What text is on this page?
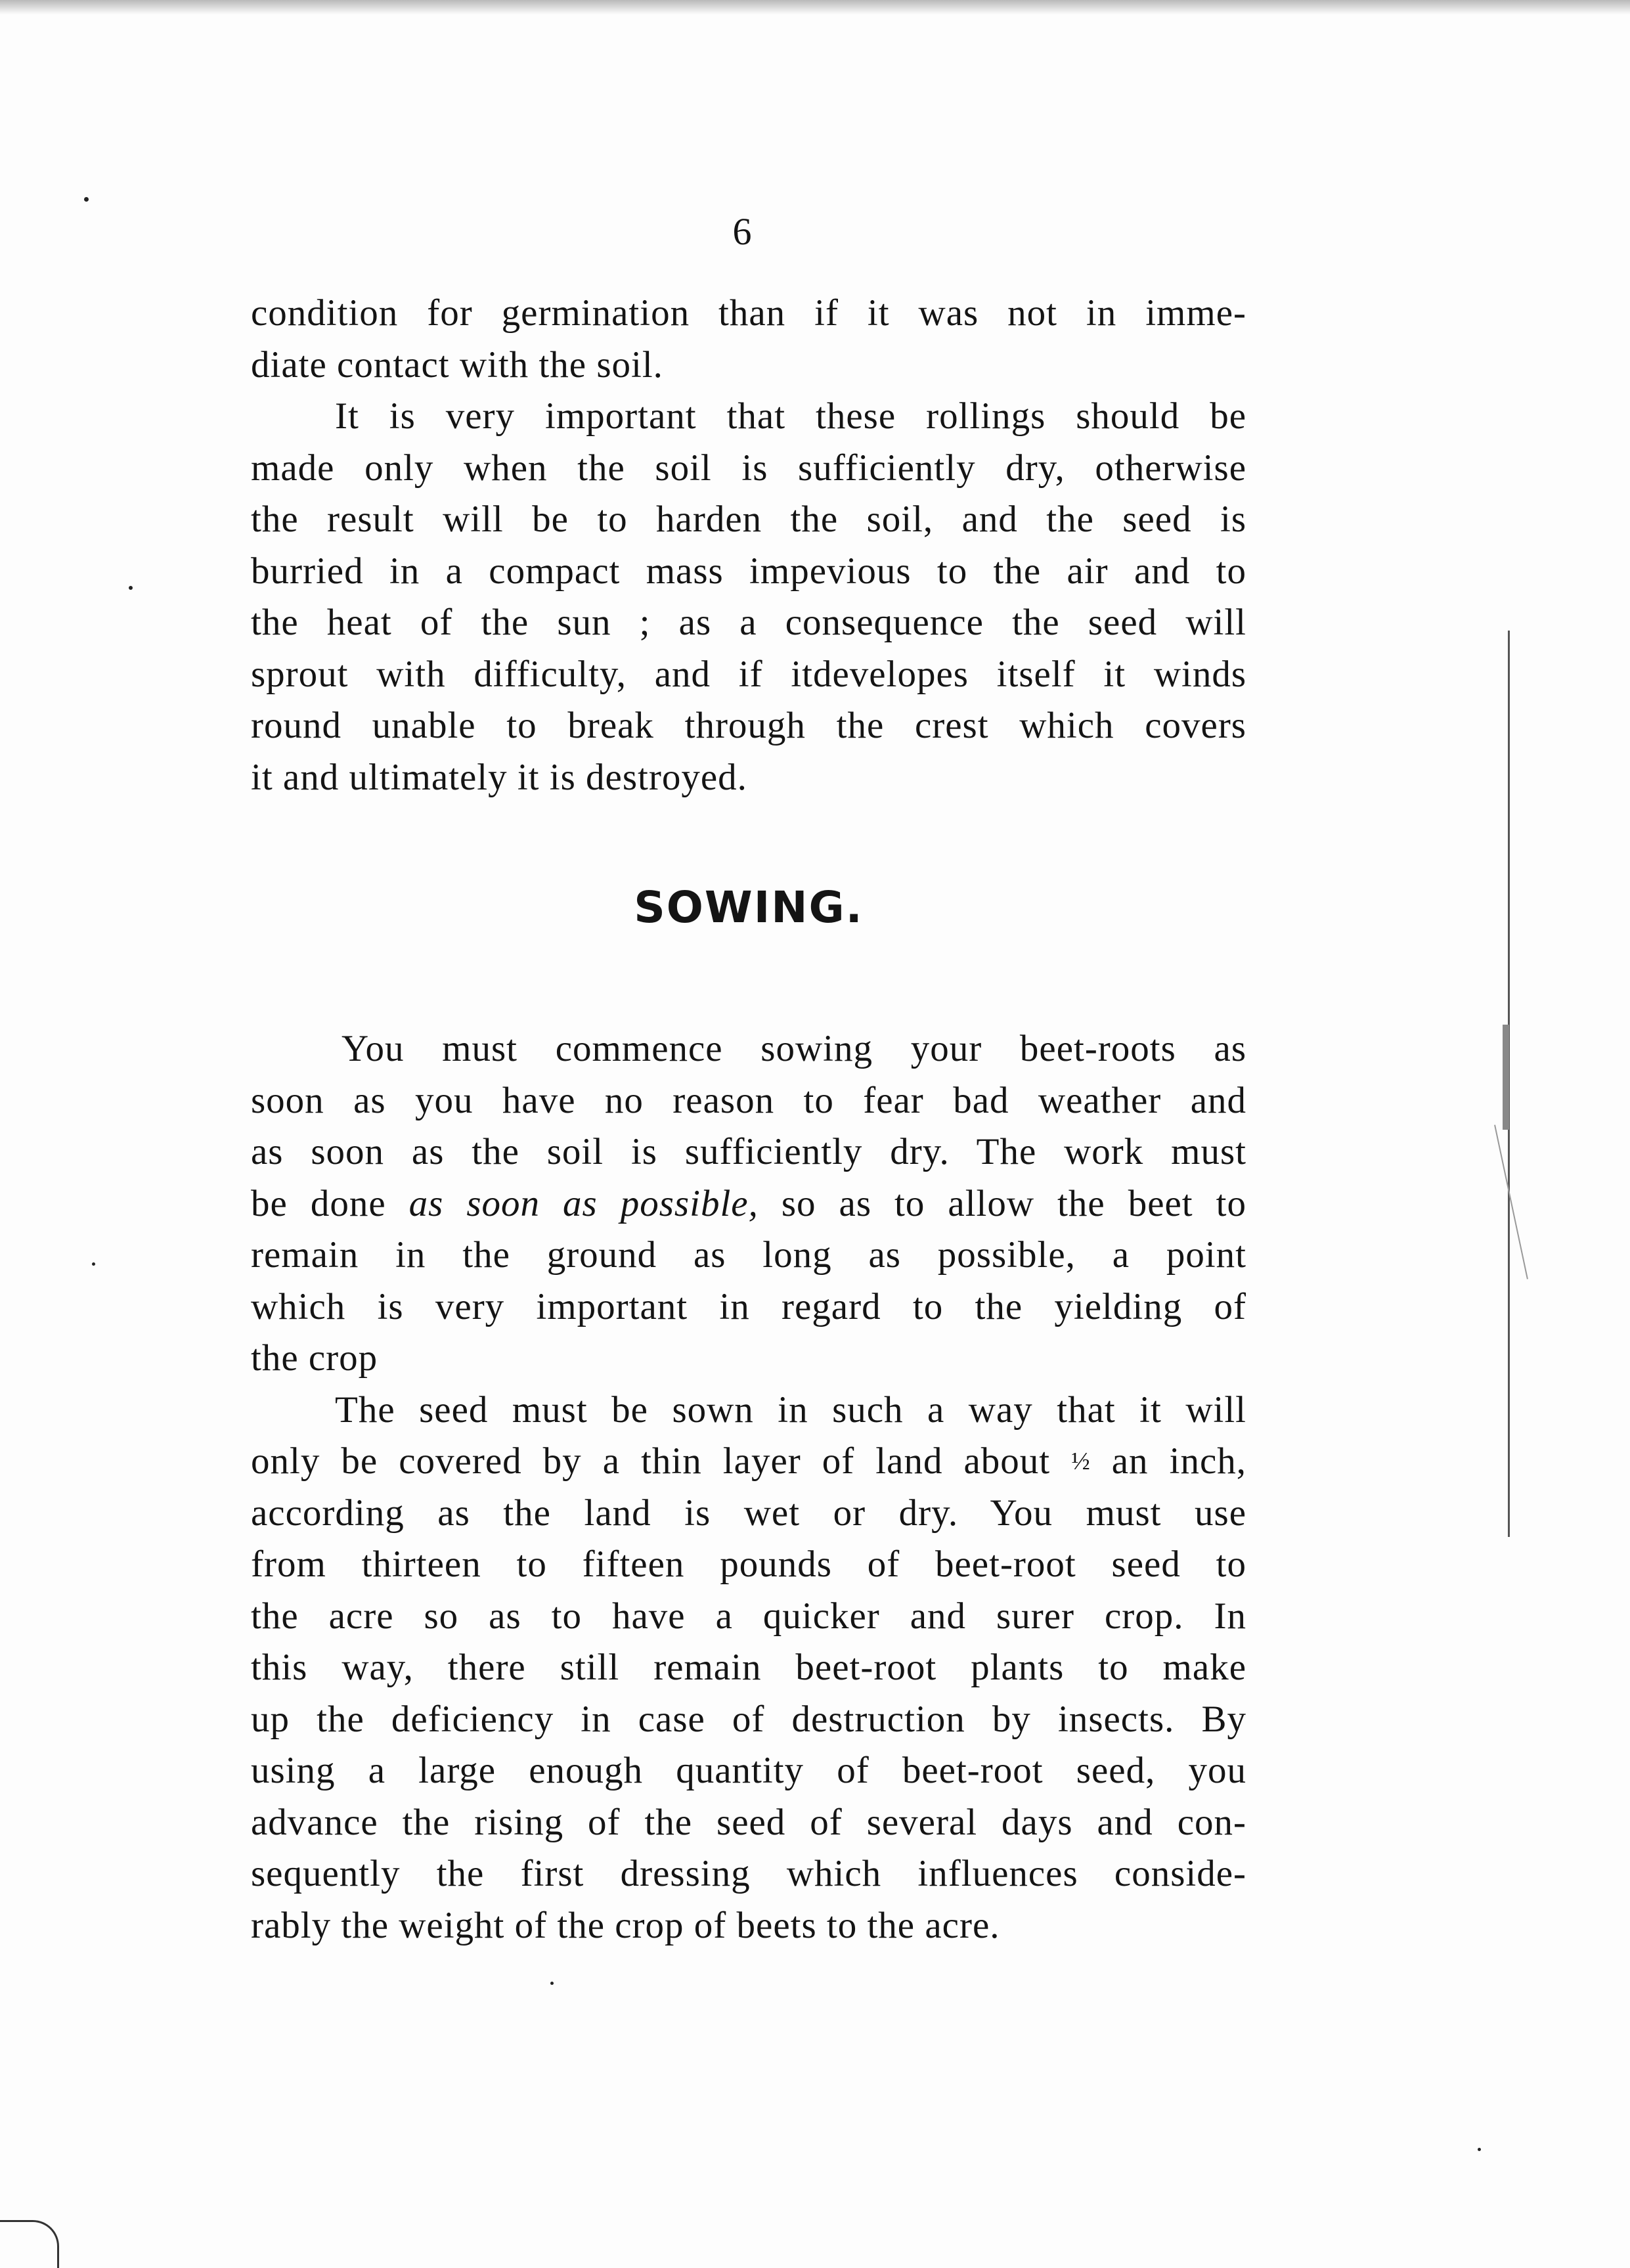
6
condition for germination than if it was not in imme-
diate contact with the soil.
It is very important that these rollings should be
made only when the soil is sufficiently dry, otherwise
the result will be to harden the soil, and the seed is
burried in a compact mass impevious to the air and to
the heat of the sun ; as a consequence the seed will
sprout with difficulty, and if itdevelopes itself it winds
round unable to break through the crest which covers
it and ultimately it is destroyed.
SOWING.
You must commence sowing your beet-roots as
soon as you have no reason to fear bad weather and
as soon as the soil is sufficiently dry. The work must
be done as soon as possible, so as to allow the beet to
remain in the ground as long as possible, a point
which is very important in regard to the yielding of
the crop
The seed must be sown in such a way that it will
only be covered by a thin layer of land about ½ an inch,
according as the land is wet or dry. You must use
from thirteen to fifteen pounds of beet-root seed to
the acre so as to have a quicker and surer crop. In
this way, there still remain beet-root plants to make
up the deficiency in case of destruction by insects. By
using a large enough quantity of beet-root seed, you
advance the rising of the seed of several days and con-
sequently the first dressing which influences conside-
rably the weight of the crop of beets to the acre.
